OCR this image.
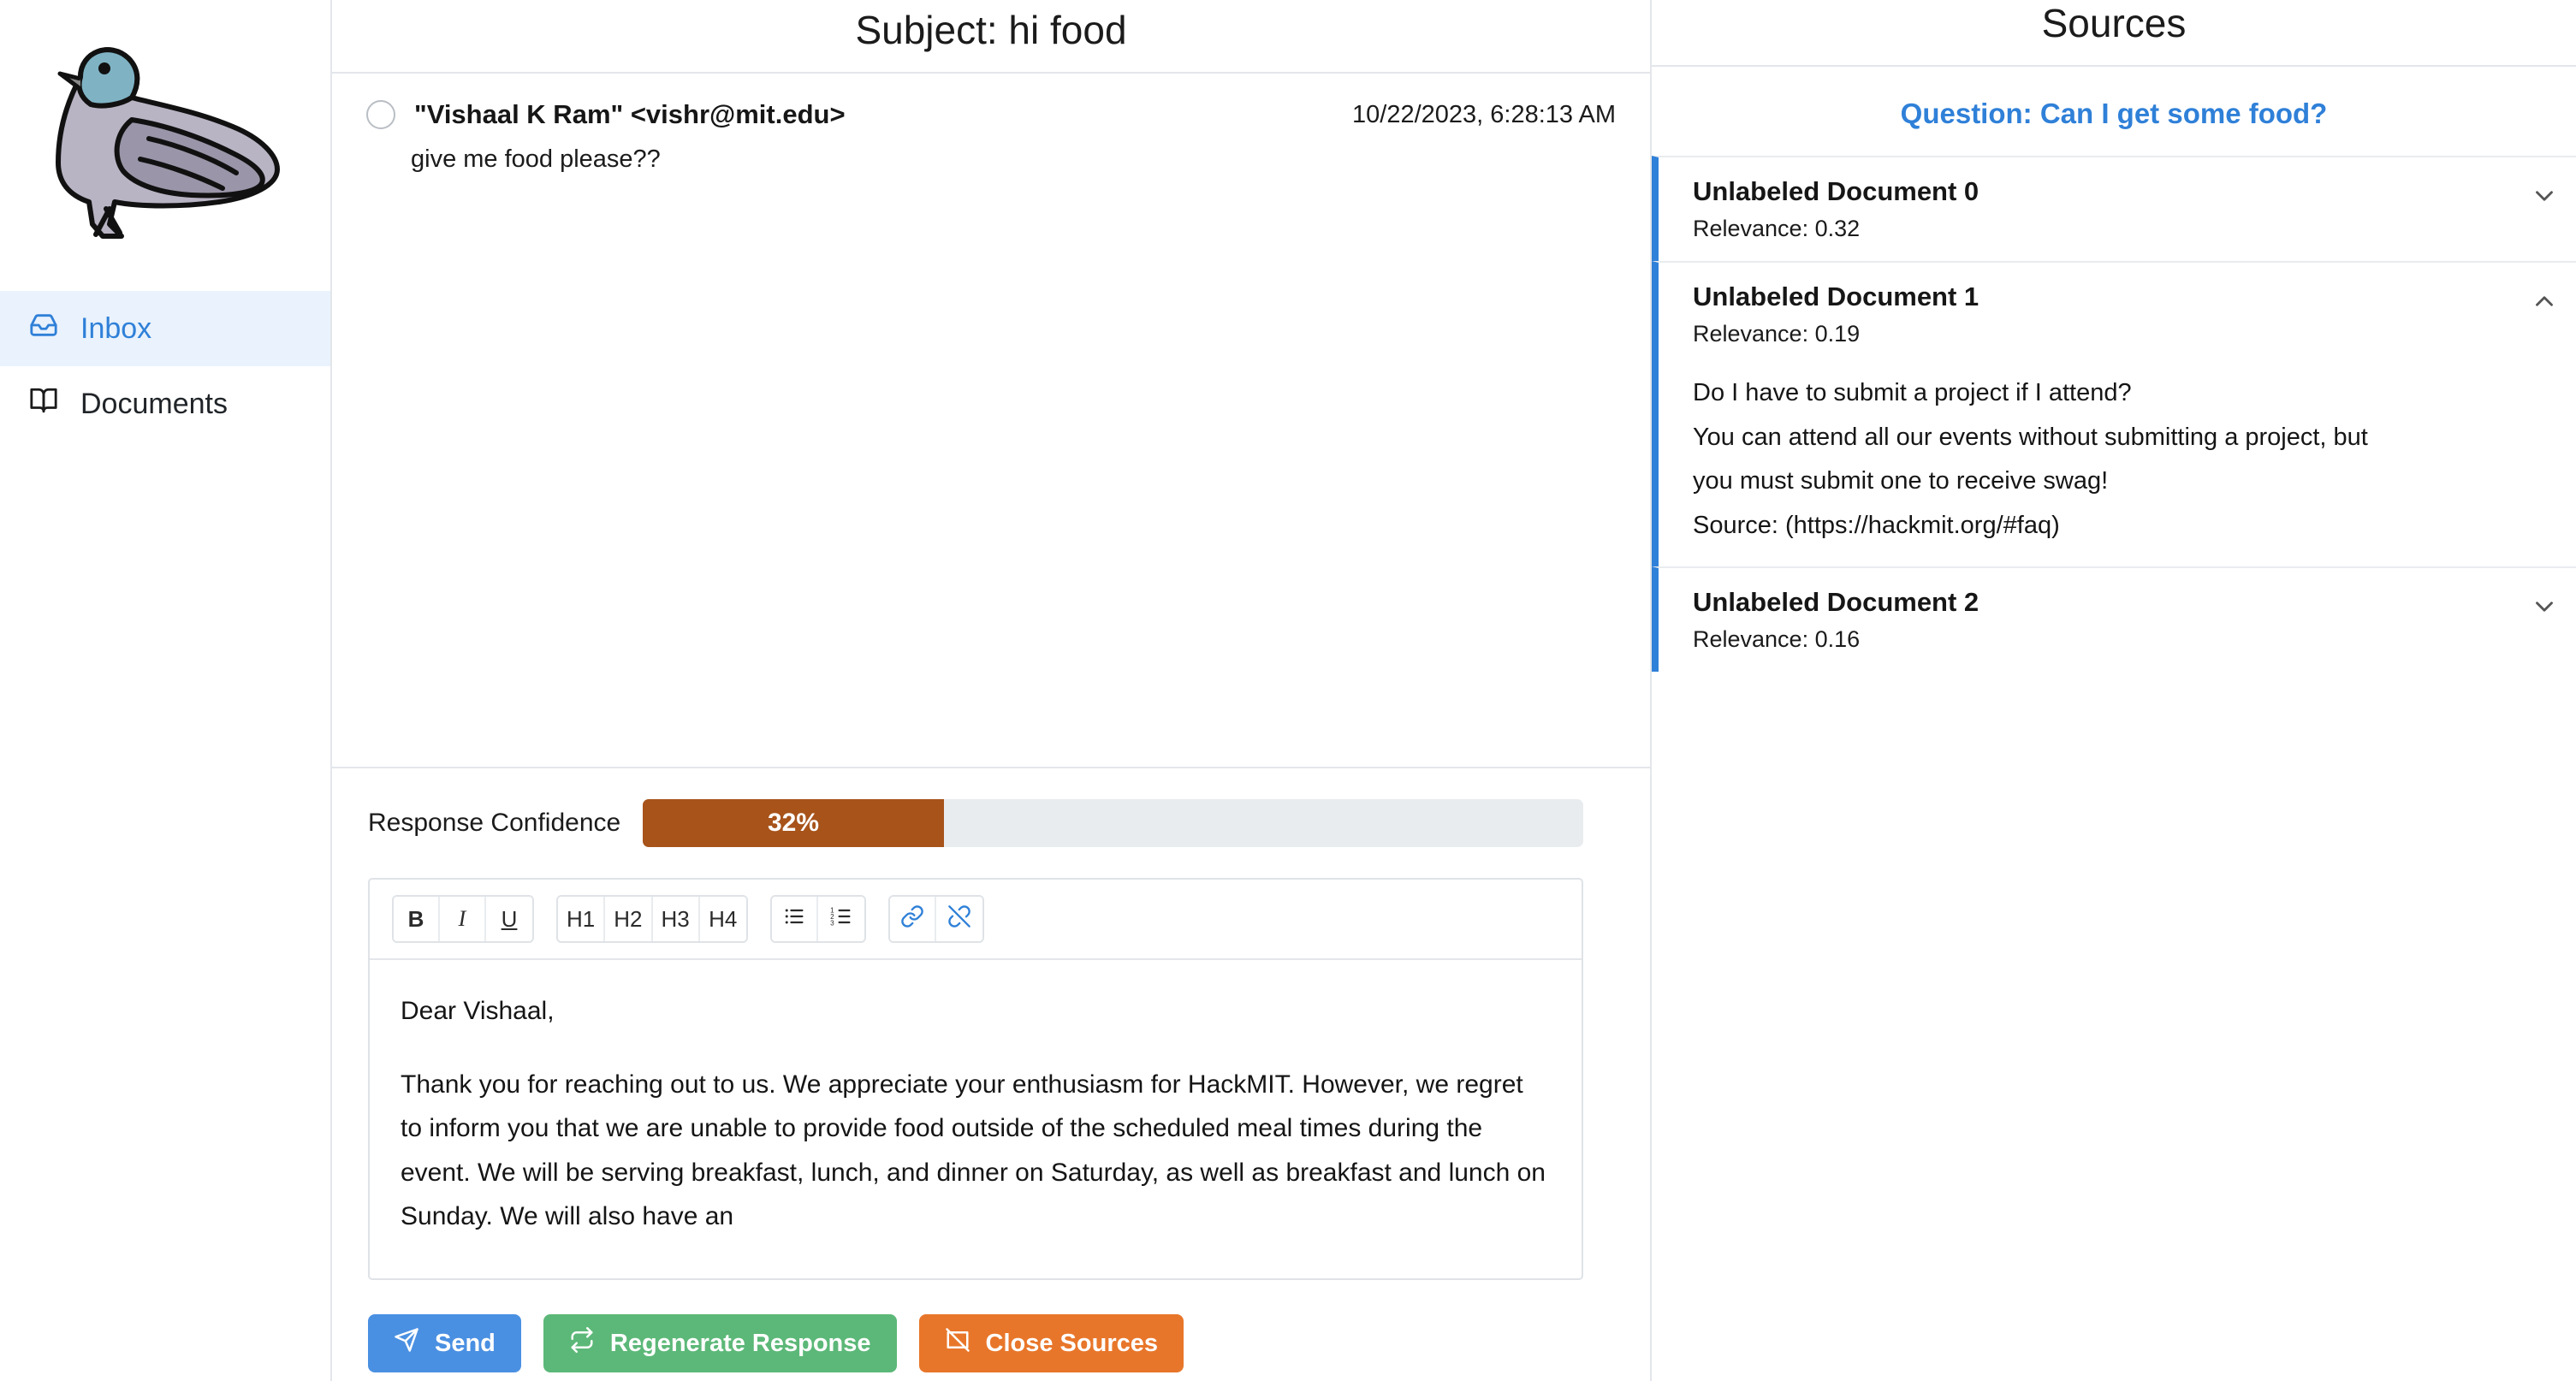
Inbox
Documents
Subject: hi food
"Vishaal K Ram" <vishr@mit.edu>	10/22/2023, 6:28:13 AM
give me food please??
Response Confidence	32%
B	I	U	H1 H2 H3 H4	1
2
3

Dear Vishaal,

Thank you for reaching out to us. We appreciate your enthusiasm for HackMIT. However, we regret to inform you that we are unable to provide food outside of the scheduled meal times during the event. We will be serving breakfast, lunch, and dinner on Saturday, as well as breakfast and lunch on Sunday. We will also have an

Send	Regenerate Response	Close Sources
Sources
Question: Can I get some food?
Unlabeled Document 0
Relevance: 0.32
Unlabeled Document 1
Relevance: 0.19
Do I have to submit a project if I attend?
You can attend all our events without submitting a project, but
you must submit one to receive swag!
Source: (https://hackmit.org/#faq)
Unlabeled Document 2
Relevance: 0.16
